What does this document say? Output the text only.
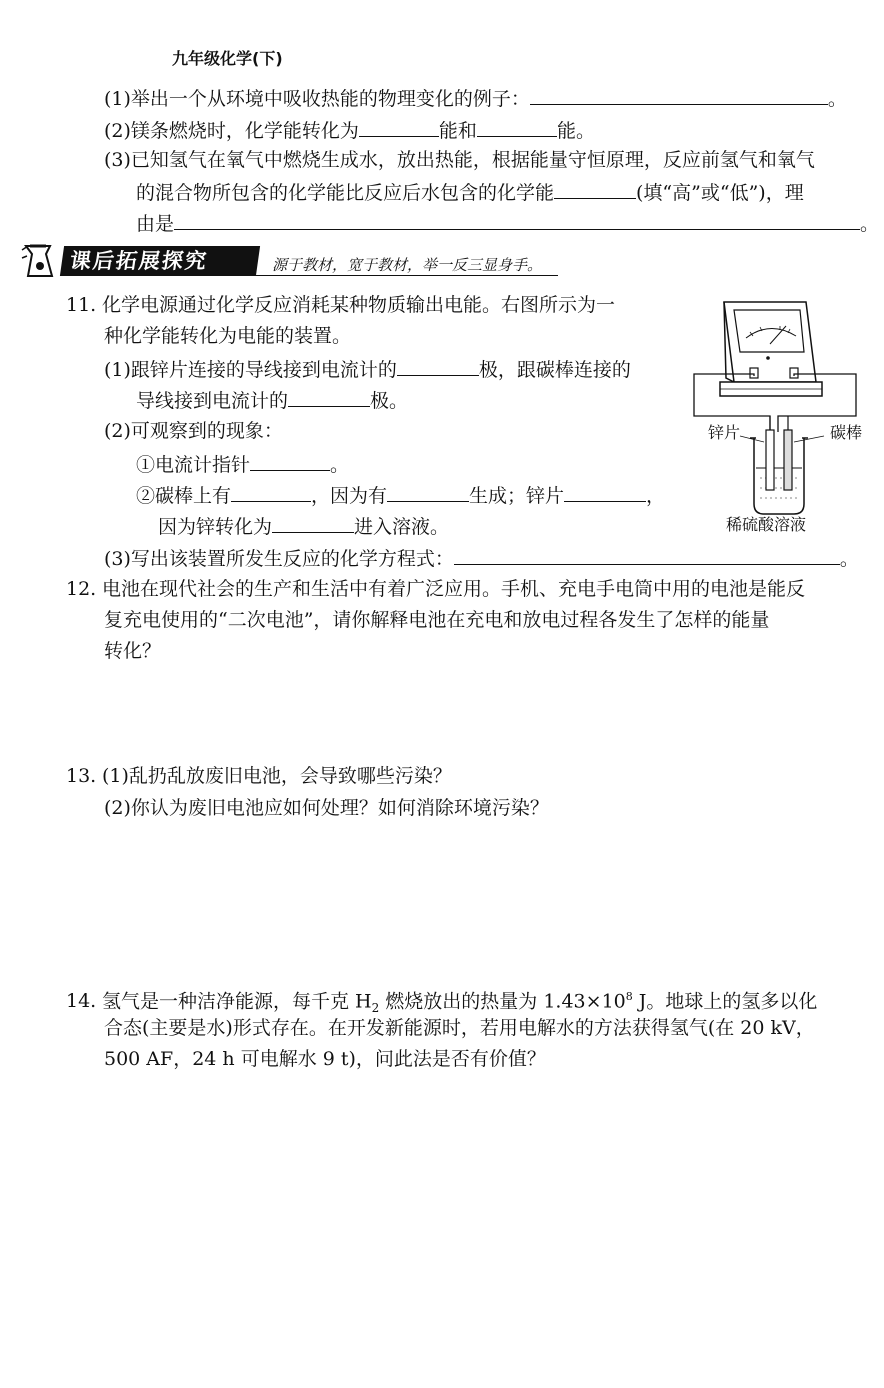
九年级化学(下)
(1)举出一个从环境中吸收热能的物理变化的例子：	。
(2)镁条燃烧时，化学能转化为	能和	能。
(3)已知氢气在氧气中燃烧生成水，放出热能，根据能量守恒原理，反应前氢气和氧气
的混合物所包含的化学能比反应后水包含的化学能	(填“高”或“低”)，理
由是	。
课后拓展探究	源于教材，宽于教材，举一反三显身手。
11. 化学电源通过化学反应消耗某种物质输出电能。右图所示为一
种化学能转化为电能的装置。
(1)跟锌片连接的导线接到电流计的	极，跟碳棒连接的
导线接到电流计的	极。
(2)可观察到的现象：
①电流计指针	。
②碳棒上有	，因为有	生成；锌片	，
因为锌转化为	进入溶液。
(3)写出该装置所发生反应的化学方程式：	。
锌片	碳棒
稀硫酸溶液
12. 电池在现代社会的生产和生活中有着广泛应用。手机、充电手电筒中用的电池是能反
复充电使用的“二次电池”，请你解释电池在充电和放电过程各发生了怎样的能量
转化？
13. (1)乱扔乱放废旧电池，会导致哪些污染？
(2)你认为废旧电池应如何处理？如何消除环境污染？
14. 氢气是一种洁净能源，每千克 $H_2$ 燃烧放出的热量为 $1.43\times 10^8$ J。地球上的氢多以化
合态(主要是水)形式存在。在开发新能源时，若用电解水的方法获得氢气(在 20 kV，
500 AF，24 h 可电解水 9 t)，问此法是否有价值？
